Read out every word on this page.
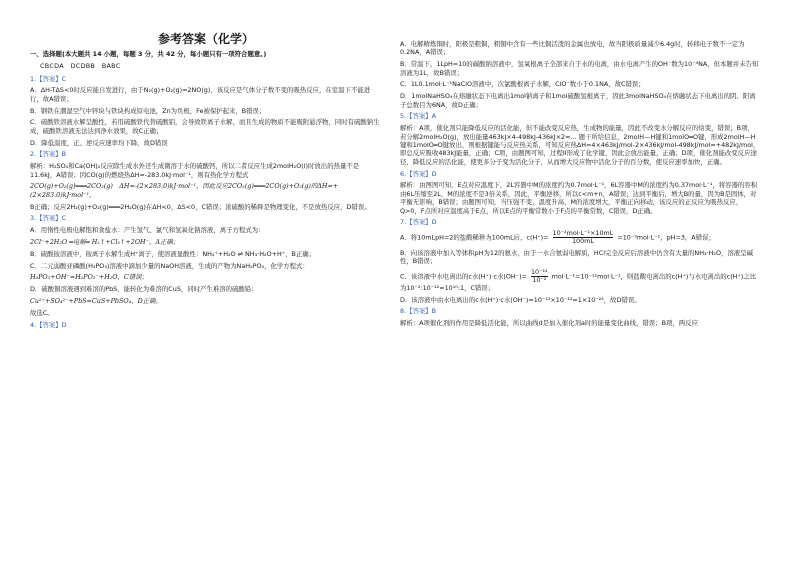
参考答案（化学）
一、选择题(本大题共 14 小题，每题 3 分，共 42 分，每小题只有一项符合题意。)
CBCDA　DCDBB　BABC
1.【答案】C
A．ΔH-TΔS<0时反应能自发进行，由于N₂(g)+O₂(g)=2NO(g)，该反应是气体分子数不变的吸热反应，在室温下不能进行，故A错误；
B．钢铁在潮湿空气中锌块与铁块构成原电池，Zn为负极，Fe被保护起来，B错误；
C．硫酸铁溶液水解呈酸性，若用硫酸铁代替硫酸铝，会导致铁离子水解，而且生成的物质不能吸附悬浮物，同时有硫酸钠生成，硫酸铁溶液无法达到净水效果，故C正确；
D．降低温度，正、逆反应速率均下降，故D错误
2.【答案】B
解析：H₂SO₄和Ca(OH)₂反应除生成水外还生成微溶于水的硫酸钙，所以二者反应生成2molH₂O(l)时放出的热量不是11.6kJ，A错误；因CO(g)的燃烧热ΔH=-283.0kJ·mol⁻¹，则有热化学方程式
2CO(g)+O₂(g)═══2CO₂(g)　ΔH=-(2×283.0)kJ·mol⁻¹，因此反应2CO₂(g)═══2CO(g)+O₂(g)的ΔH=+(2×283.0)kJ·mol⁻¹，
B正确；反应2H₂(g)+O₂(g)═══2H₂O(g)在ΔH<0，ΔS<0，C错误；浓硫酸的稀释是物理变化，不是放热反应，D错误。
3.【答案】C
A．用惰性电极电解饱和食盐水：产生氢气、氯气和氢氧化钠溶液，离子方程式为：
2Cl⁻+2H₂O ═电解═ H₂↑+Cl₂↑+2OH⁻，A正确；
B．硫酸铵溶液中，铵离子水解生成H⁺离子，使溶液显酸性：NH₄⁺+H₂O ⇌ NH₃·H₂O+H⁺，B正确；
C．二元弱酸亚磷酸(H₃PO₃)溶液中滴加少量的NaOH溶液，生成的产物为NaH₂PO₃，化学方程式：
H₃PO₃+OH⁻=H₂PO₃⁻+H₂O，C错误；
D．硫酸铜溶液遇到难溶的PbS，能转化为难溶的CuS，同时产生难溶的硫酸铅：
Cu²⁺+SO₄²⁻+PbS=CuS+PbSO₄，D正确。
故选C。
4.【答案】D
A．电解精炼铜时，阳极是粗铜，粗铜中含有一些比铜活泼的金属也放电，故当阳极质量减少6.4g时，转移电子数不一定为0.2NA，A错误；
B．常温下，1LpH=10的碳酸钠溶液中，氢氧根离子全部来自于水的电离，由水电离产生的OH⁻数为10⁻⁴NA，但本题并未告知溶液为1L，故B错误；
C．1L0.1mol·L⁻¹NaClO溶液中，次氯酸根离子水解，ClO⁻数小于0.1NA，故C错误；
D．1molNaHSO₄在熔融状态下电离出1mol钠离子和1mol硫酸氢根离子，因此3molNaHSO₄在熔融状态下电离出的阴、阳离子总数目为6NA，故D正确；
5.【答案】A
解析：A项，催化剂只能降低反应的活化能，但不能改变反应热，生成物的能量，因此不改变水分解反应的焓变，错误；B项，若分解2molH₂O(g)，放出能量463kJ×4-498kJ-436kJ×2=... 题干所给信息，2molH—H键和1molO═O键，形成2molH—H键和1molO═O键放出，则根据键能与反应热关系，可知反应热ΔH=4×463kJ/mol-2×436kJ/mol-498kJ/mol=+482kJ/mol，即总反应吸收483kJ能量，正确；C项，由题图可知，过程II形成了化学键，因此会放出能量，正确；D项，催化剂能改变反应途径，降低反应的活化能，使更多分子变为活化分子，从而增大反应物中活化分子的百分数，使反应速率加快，正确。
6.【答案】D
解析：由图图可知，E点对应温度下，2L容器中M的浓度约为0.7mol·L⁻¹，6L容器中M的浓度约为0.37mol·L⁻¹，将容器的容积由6L压缩至2L，M的浓度不是3倍关系，因此，平衡逆移，所以c<m+n，A错误；达到平衡后，增大B的量，因为B是固体，对平衡无影响，B错误；由题图可知，当压强不变，温度升高，M的浓度增大，平衡正向移动，该反应的正反应为吸热反应，Q>0，F点所对应温度高于E点，所以E点的平衡常数小于F点的平衡常数，C错误，D正确。
7.【答案】D
A．将10mLpH=2的盐酸稀释为100mL后，$c(H^+)= \frac{\text{10⁻²mol·L⁻¹×10mL}}{100mL} =10^{-3}mol\cdot L^{-1}$，pH=3，A错误；
B．向该溶液中加入等体积pH为12的氨水，由于一水合氨弱电解质，HCl完全反应后溶液中仍含有大量的NH₃·H₂O，溶液呈碱性，B错误；
C．该溶液中水电离出的c水(H⁺)·c水$(OH^-)= \frac{\text{10⁻¹⁴}}{\text{10⁻²}} mol\cdot L^{-1}=10^{-12}mol\cdot L^{-1}$，则盐酸电离出的c(H⁺)与水电离出的c(H⁺)之比为10⁻²:10⁻¹²=10¹⁰:1，C错误；
D．该溶液中由水电离出的c水(H⁺)·c水(OH⁻)=10⁻¹²×10⁻¹²=1×10⁻²⁴，故D错误。
8.【答案】B
解析：A项催化剂的作用是降低活化能，所以曲线d是加入催化剂a时的能量变化曲线，错误；B项，两反应
